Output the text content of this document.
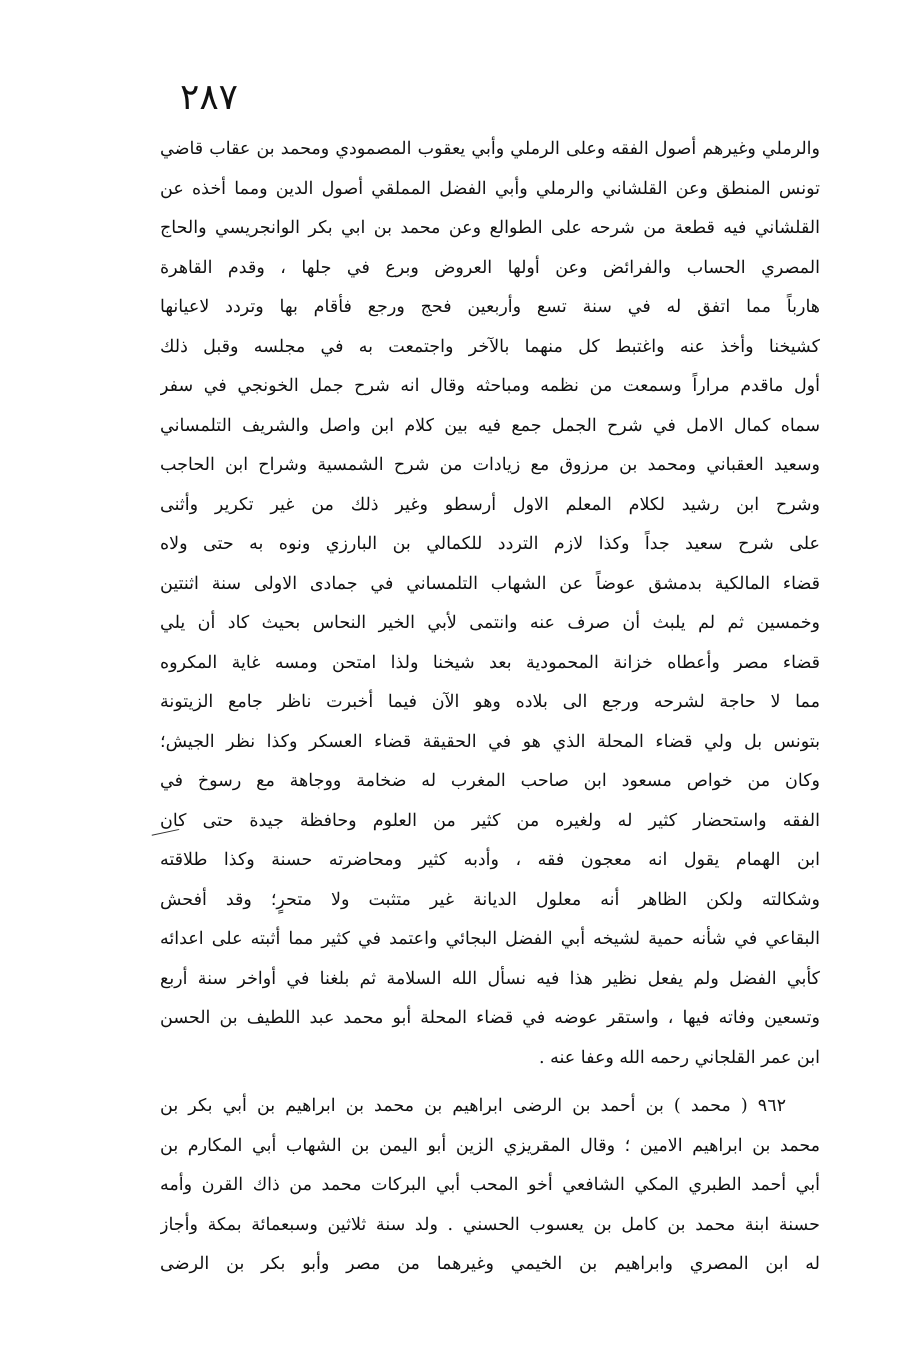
٢٨٧
والرملي وغيرهم أصول الفقه وعلى الرملي وأبي يعقوب المصمودي ومحمد بن عقاب قاضي
تونس المنطق وعن القلشاني والرملي وأبي الفضل المملقي أصول الدين ومما أخذه عن
القلشاني فيه قطعة من شرحه على الطوالع وعن محمد بن ابي بكر الوانجريسي والحاج
المصري الحساب والفرائض وعن أولها العروض وبرع في جلها ، وقدم القاهرة
هارباً مما اتفق له في سنة تسع وأربعين فحج ورجع فأقام بها وتردد لاعيانها
كشيخنا وأخذ عنه واغتبط كل منهما بالآخر واجتمعت به في مجلسه وقبل ذلك
أول ماقدم مراراً وسمعت من نظمه ومباحثه وقال انه شرح جمل الخونجي في سفر
سماه كمال الامل في شرح الجمل جمع فيه بين كلام ابن واصل والشريف التلمساني
وسعيد العقباني ومحمد بن مرزوق مع زيادات من شرح الشمسية وشراح ابن الحاجب
وشرح ابن رشيد لكلام المعلم الاول أرسطو وغير ذلك من غير تكرير وأثنى
على شرح سعيد جداً وكذا لازم التردد للكمالي بن البارزي ونوه به حتى ولاه
قضاء المالكية بدمشق عوضاً عن الشهاب التلمساني في جمادى الاولى سنة اثنتين
وخمسين ثم لم يلبث أن صرف عنه وانتمى لأبي الخير النحاس بحيث كاد أن يلي
قضاء مصر وأعطاه خزانة المحمودية بعد شيخنا ولذا امتحن ومسه غاية المكروه
مما لا حاجة لشرحه ورجع الى بلاده وهو الآن فيما أخبرت ناظر جامع الزيتونة
بتونس بل ولي قضاء المحلة الذي هو في الحقيقة قضاء العسكر وكذا نظر الجيش؛
وكان من خواص مسعود ابن صاحب المغرب له ضخامة ووجاهة مع رسوخ في
الفقه واستحضار كثير له ولغيره من كثير من العلوم وحافظة جيدة حتى كان
ابن الهمام يقول انه معجون فقه ، وأدبه كثير ومحاضرته حسنة وكذا طلاقته
وشكالته ولكن الظاهر أنه معلول الديانة غير متثبت ولا متحرٍ؛ وقد أفحش
البقاعي في شأنه حمية لشيخه أبي الفضل البجائي واعتمد في كثير مما أثبته على اعدائه
كأبي الفضل ولم يفعل نظير هذا فيه نسأل الله السلامة ثم بلغنا في أواخر سنة أربع
وتسعين وفاته فيها ، واستقر عوضه في قضاء المحلة أبو محمد عبد اللطيف بن الحسن
ابن عمر القلجاني رحمه الله وعفا عنه .
٩٦٢ ( محمد ) بن أحمد بن الرضى ابراهيم بن محمد بن ابراهيم بن أبي بكر بن
محمد بن ابراهيم الامين ؛ وقال المقريزي الزين أبو اليمن بن الشهاب أبي المكارم بن
أبي أحمد الطبري المكي الشافعي أخو المحب أبي البركات محمد من ذاك القرن وأمه
حسنة ابنة محمد بن كامل بن يعسوب الحسني . ولد سنة ثلاثين وسبعمائة بمكة وأجاز
له ابن المصري وابراهيم بن الخيمي وغيرهما من مصر وأبو بكر بن الرضى
